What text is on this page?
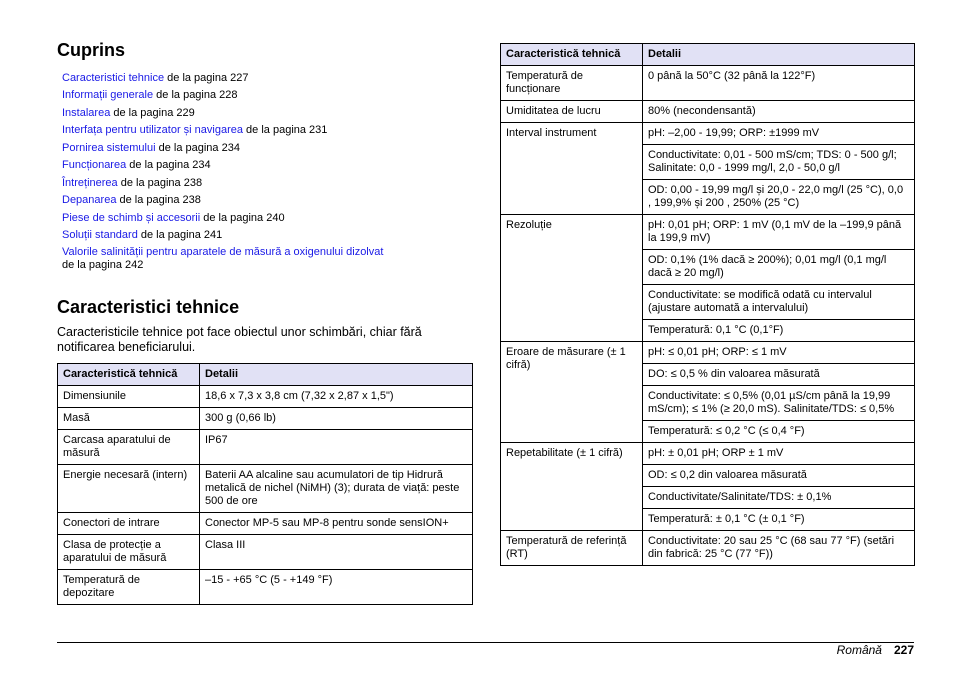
Cuprins
Caracteristici tehnice de la pagina 227
Informații generale de la pagina 228
Instalarea de la pagina 229
Interfața pentru utilizator și navigarea de la pagina 231
Pornirea sistemului de la pagina 234
Funcționarea de la pagina 234
Întreținerea de la pagina 238
Depanarea de la pagina 238
Piese de schimb și accesorii de la pagina 240
Soluții standard de la pagina 241
Valorile salinității pentru aparatele de măsură a oxigenului dizolvat
de la pagina 242
Caracteristici tehnice

Caracteristicile tehnice pot face obiectul unor schimbări, chiar fără notificarea beneficiarului.

Caracteristică tehnică	Detalii
Dimensiunile	18,6 x 7,3 x 3,8 cm (7,32 x 2,87 x 1,5")
Masă	300 g (0,66 lb)
Carcasa aparatului de măsură	IP67
Energie necesară (intern)	Baterii AA alcaline sau acumulatori de tip Hidrură metalică de nichel (NiMH) (3); durata de viață: peste 500 de ore
Conectori de intrare	Conector MP-5 sau MP-8 pentru sonde sensION+
Clasa de protecție a aparatului de măsură	Clasa III
Temperatură de depozitare	–15 - +65 °C (5 - +149 °F)
Caracteristică tehnică	Detalii
Temperatură de funcționare	0 până la 50°C (32 până la 122°F)
Umiditatea de lucru	80% (necondensantă)
Interval instrument	pH: –2,00 - 19,99; ORP: ±1999 mV
	Conductivitate: 0,01 - 500 mS/cm; TDS: 0 - 500 g/l; Salinitate: 0,0 - 1999 mg/l, 2,0 - 50,0 g/l
	OD: 0,00 - 19,99 mg/l și 20,0 - 22,0 mg/l (25 °C), 0,0 , 199,9% și 200 , 250% (25 °C)
Rezoluție	pH: 0,01 pH; ORP: 1 mV (0,1 mV de la –199,9 până la 199,9 mV)
	OD: 0,1% (1% dacă ≥ 200%); 0,01 mg/l (0,1 mg/l dacă ≥ 20 mg/l)
	Conductivitate: se modifică odată cu intervalul (ajustare automată a intervalului)
	Temperatură: 0,1 °C (0,1°F)
Eroare de măsurare (± 1 cifră)	pH: ≤ 0,01 pH; ORP: ≤ 1 mV
	DO: ≤ 0,5 % din valoarea măsurată
	Conductivitate: ≤ 0,5% (0,01 µS/cm până la 19,99 mS/cm); ≤ 1% (≥ 20,0 mS). Salinitate/TDS: ≤ 0,5%
	Temperatură: ≤ 0,2 °C (≤ 0,4 °F)
Repetabilitate (± 1 cifră)	pH: ± 0,01 pH; ORP ± 1 mV
	OD: ≤ 0,2 din valoarea măsurată
	Conductivitate/Salinitate/TDS: ± 0,1%
	Temperatură: ± 0,1 °C (± 0,1 °F)
Temperatură de referință (RT)	Conductivitate: 20 sau 25 °C (68 sau 77 °F) (setări din fabrică: 25 °C (77 °F))
Română 227
